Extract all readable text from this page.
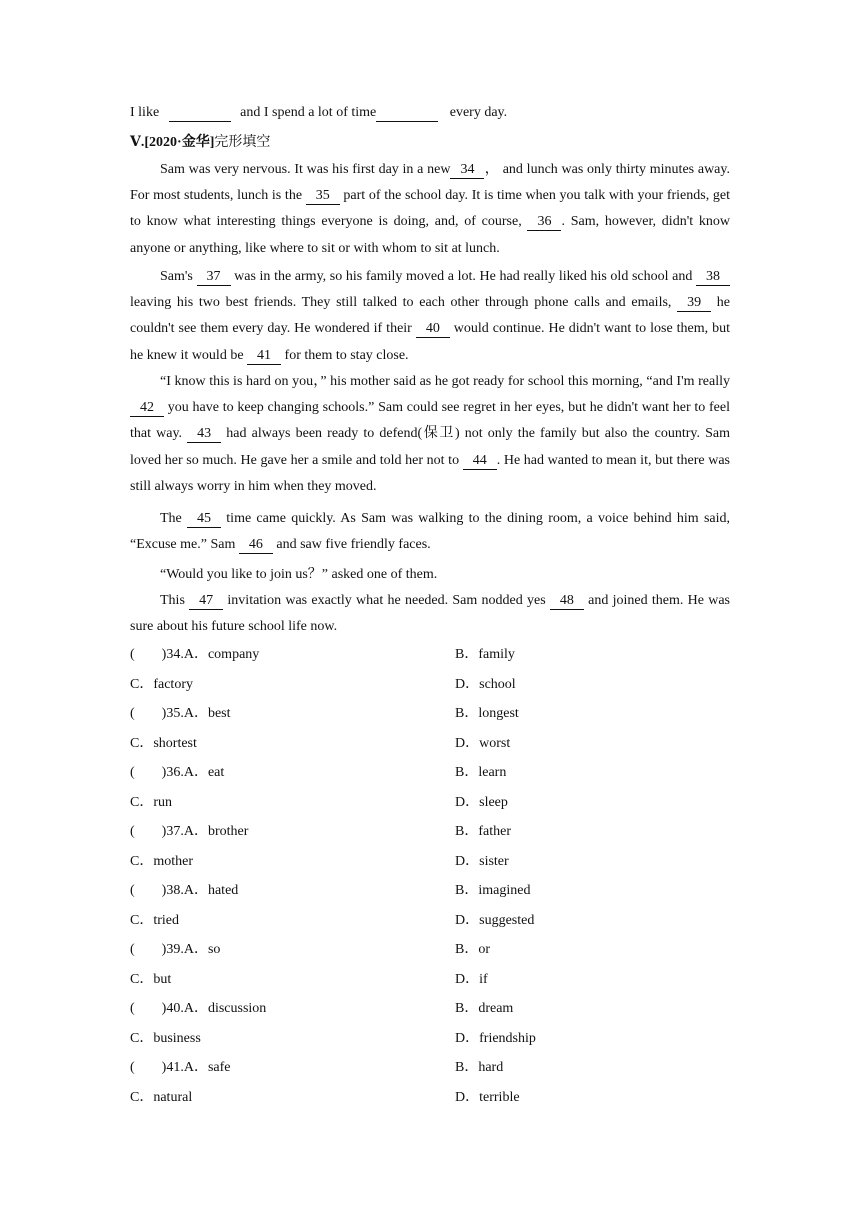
I like	and I spend a lot of time	every day.
Ⅴ.[2020·金华]完形填空
Sam was very nervous. It was his first day in a new 34 ， and lunch was only thirty minutes away. For most students, lunch is the 35 part of the school day. It is time when you talk with your friends, get to know what interesting things everyone is doing, and, of course, 36 . Sam, however, didn't know anyone or anything, like where to sit or with whom to sit at lunch.
Sam's 37 was in the army, so his family moved a lot. He had really liked his old school and 38 leaving his two best friends. They still talked to each other through phone calls and emails, 39 he couldn't see them every day. He wondered if their 40 would continue. He didn't want to lose them, but he knew it would be 41 for them to stay close.
“I know this is hard on you，” his mother said as he got ready for school this morning, “and I'm really 42 you have to keep changing schools.” Sam could see regret in her eyes, but he didn't want her to feel that way. 43 had always been ready to defend(保卫) not only the family but also the country. Sam loved her so much. He gave her a smile and told her not to 44 . He had wanted to mean it, but there was still always worry in him when they moved.
The 45 time came quickly. As Sam was walking to the dining room, a voice behind him said, “Excuse me.” Sam 46 and saw five friendly faces.
“Would you like to join us？” asked one of them.
This 47 invitation was exactly what he needed. Sam nodded yes 48 and joined them. He was sure about his future school life now.
( )34.A．company	B．family
C．factory	D．school
( )35.A．best	B．longest
C．shortest	D．worst
( )36.A．eat	B．learn
C．run	D．sleep
( )37.A．brother	B．father
C．mother	D．sister
( )38.A．hated	B．imagined
C．tried	D．suggested
( )39.A．so	B．or
C．but	D．if
( )40.A．discussion	B．dream
C．business	D．friendship
( )41.A．safe	B．hard
C．natural	D．terrible
